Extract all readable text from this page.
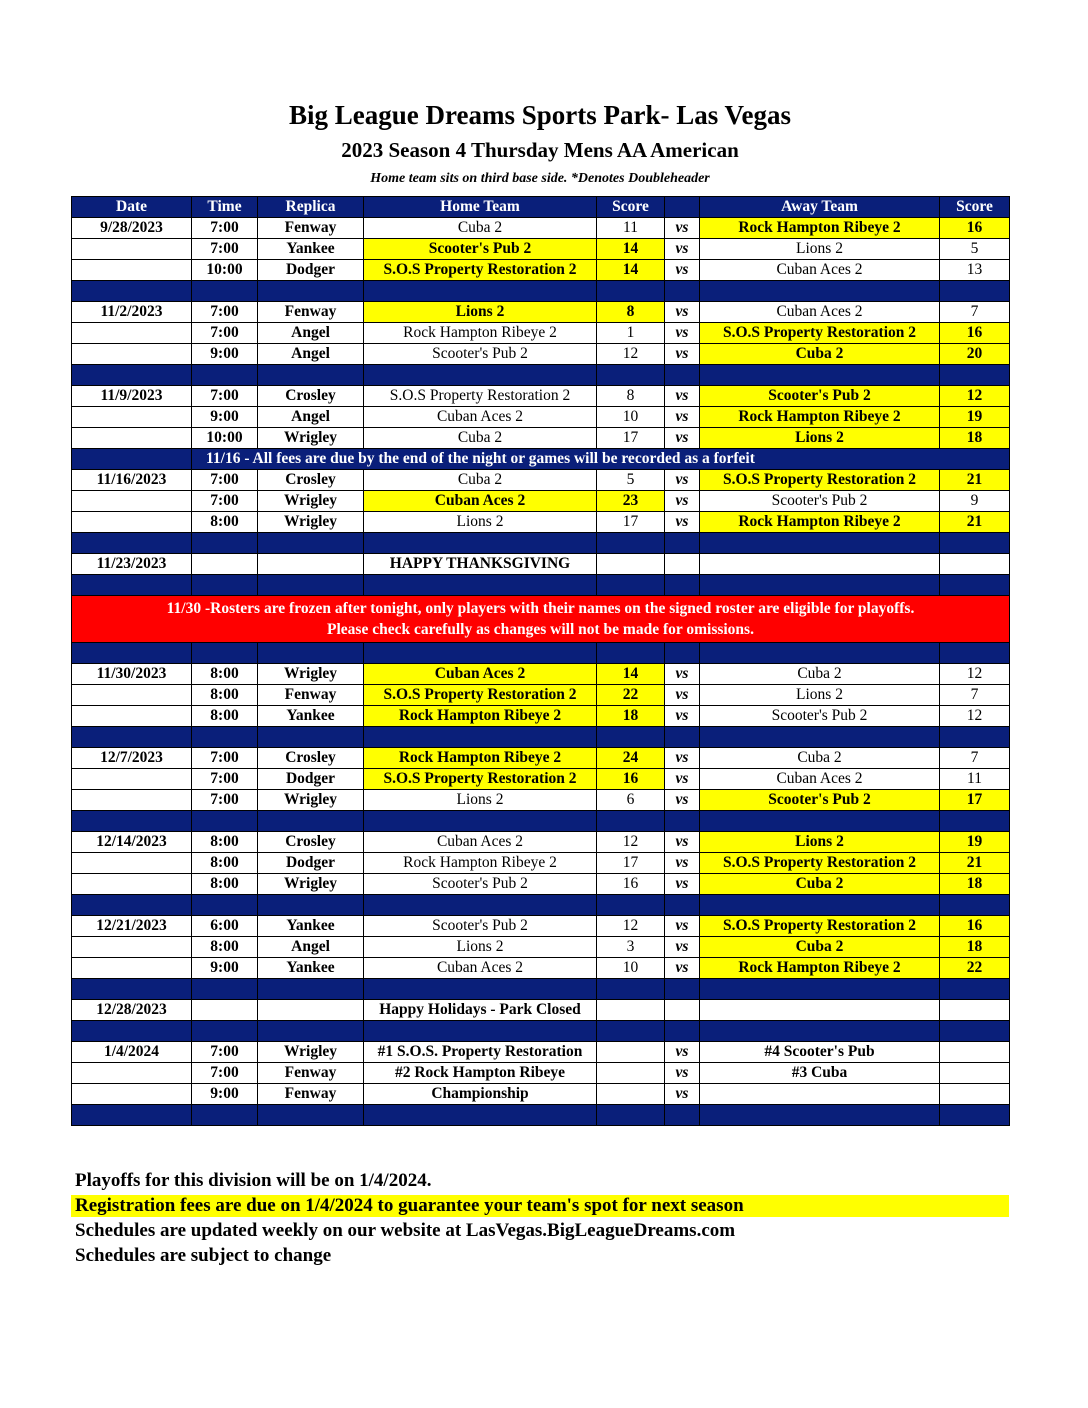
Big League Dreams Sports Park- Las Vegas
2023 Season 4 Thursday Mens AA American
Home team sits on third base side. *Denotes Doubleheader
Date	Time	Replica	Home Team	Score		Away Team	Score
9/28/2023	7:00	Fenway	Cuba 2	11	vs	Rock Hampton Ribeye 2	16
	7:00	Yankee	Scooter's Pub 2	14	vs	Lions 2	5
	10:00	Dodger	S.O.S Property Restoration 2	14	vs	Cuban Aces 2	13

11/2/2023	7:00	Fenway	Lions 2	8	vs	Cuban Aces 2	7
	7:00	Angel	Rock Hampton Ribeye 2	1	vs	S.O.S Property Restoration 2	16
	9:00	Angel	Scooter's Pub 2	12	vs	Cuba 2	20

11/9/2023	7:00	Crosley	S.O.S Property Restoration 2	8	vs	Scooter's Pub 2	12
	9:00	Angel	Cuban Aces 2	10	vs	Rock Hampton Ribeye 2	19
	10:00	Wrigley	Cuba 2	17	vs	Lions 2	18
	11/16 - All fees are due by the end of the night or games will be recorded as a forfeit						
11/16/2023	7:00	Crosley	Cuba 2	5	vs	S.O.S Property Restoration 2	21
	7:00	Wrigley	Cuban Aces 2	23	vs	Scooter's Pub 2	9
	8:00	Wrigley	Lions 2	17	vs	Rock Hampton Ribeye 2	21

11/23/2023			HAPPY THANKSGIVING				

11/30 -Rosters are frozen after tonight, only players with their names on the signed roster are eligible for playoffs.
Please check carefully as changes will not be made for omissions.							

11/30/2023	8:00	Wrigley	Cuban Aces 2	14	vs	Cuba 2	12
	8:00	Fenway	S.O.S Property Restoration 2	22	vs	Lions 2	7
	8:00	Yankee	Rock Hampton Ribeye 2	18	vs	Scooter's Pub 2	12

12/7/2023	7:00	Crosley	Rock Hampton Ribeye 2	24	vs	Cuba 2	7
	7:00	Dodger	S.O.S Property Restoration 2	16	vs	Cuban Aces 2	11
	7:00	Wrigley	Lions 2	6	vs	Scooter's Pub 2	17

12/14/2023	8:00	Crosley	Cuban Aces 2	12	vs	Lions 2	19
	8:00	Dodger	Rock Hampton Ribeye 2	17	vs	S.O.S Property Restoration 2	21
	8:00	Wrigley	Scooter's Pub 2	16	vs	Cuba 2	18

12/21/2023	6:00	Yankee	Scooter's Pub 2	12	vs	S.O.S Property Restoration 2	16
	8:00	Angel	Lions 2	3	vs	Cuba 2	18
	9:00	Yankee	Cuban Aces 2	10	vs	Rock Hampton Ribeye 2	22

12/28/2023			Happy Holidays - Park Closed				

1/4/2024	7:00	Wrigley	#1 S.O.S. Property Restoration		vs	#4 Scooter's Pub	
	7:00	Fenway	#2 Rock Hampton Ribeye		vs	#3 Cuba	
	9:00	Fenway	Championship		vs		

Playoffs for this division will be on 1/4/2024.
Registration fees are due on 1/4/2024 to guarantee your team's spot for next season
Schedules are updated weekly on our website at LasVegas.BigLeagueDreams.com
Schedules are subject to change
